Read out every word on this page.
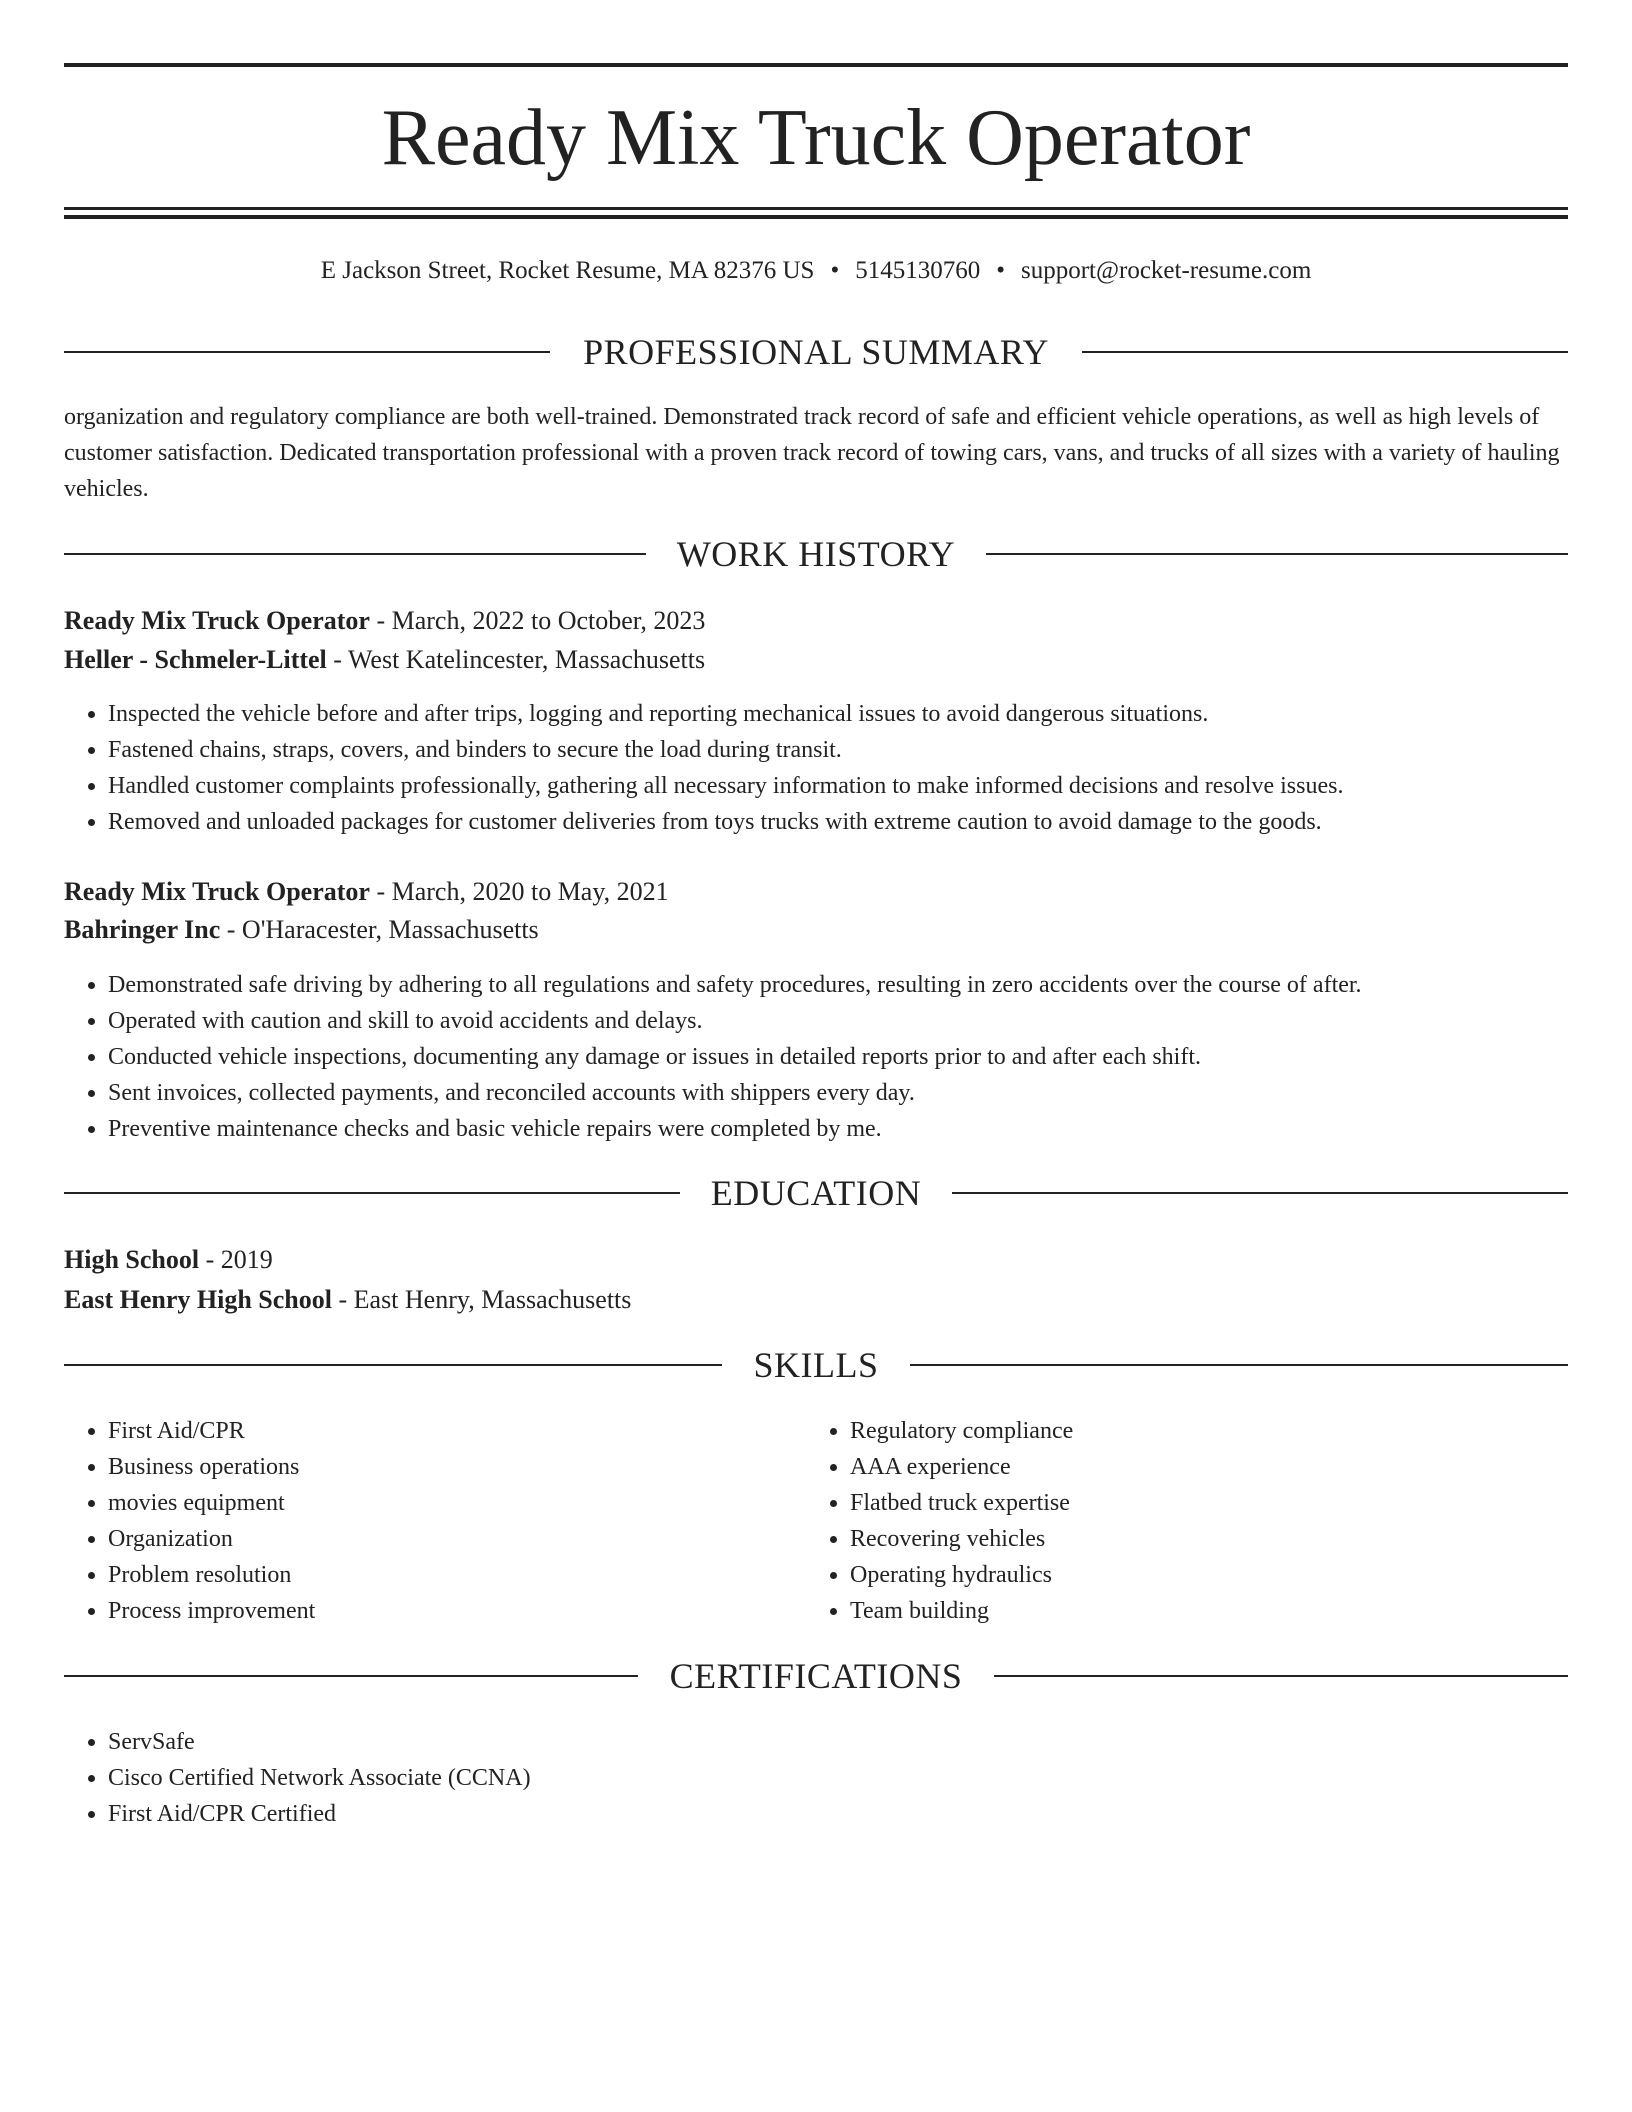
Ready Mix Truck Operator
E Jackson Street, Rocket Resume, MA 82376 US • 5145130760 • support@rocket-resume.com
PROFESSIONAL SUMMARY

organization and regulatory compliance are both well-trained. Demonstrated track record of safe and efficient vehicle operations, as well as high levels of customer satisfaction. Dedicated transportation professional with a proven track record of towing cars, vans, and trucks of all sizes with a variety of hauling vehicles.

WORK HISTORY
Ready Mix Truck Operator - March, 2022 to October, 2023
Heller - Schmeler-Littel - West Katelincester, Massachusetts
• Inspected the vehicle before and after trips, logging and reporting mechanical issues to avoid dangerous situations.
• Fastened chains, straps, covers, and binders to secure the load during transit.
• Handled customer complaints professionally, gathering all necessary information to make informed decisions and resolve issues.
• Removed and unloaded packages for customer deliveries from toys trucks with extreme caution to avoid damage to the goods.
Ready Mix Truck Operator - March, 2020 to May, 2021
Bahringer Inc - O'Haracester, Massachusetts
• Demonstrated safe driving by adhering to all regulations and safety procedures, resulting in zero accidents over the course of after.
• Operated with caution and skill to avoid accidents and delays.
• Conducted vehicle inspections, documenting any damage or issues in detailed reports prior to and after each shift.
• Sent invoices, collected payments, and reconciled accounts with shippers every day.
• Preventive maintenance checks and basic vehicle repairs were completed by me.
EDUCATION
High School - 2019
East Henry High School - East Henry, Massachusetts
SKILLS
• First Aid/CPR
• Business operations
• movies equipment
• Organization
• Problem resolution
• Process improvement
• Regulatory compliance
• AAA experience
• Flatbed truck expertise
• Recovering vehicles
• Operating hydraulics
• Team building
CERTIFICATIONS
• ServSafe
• Cisco Certified Network Associate (CCNA)
• First Aid/CPR Certified
